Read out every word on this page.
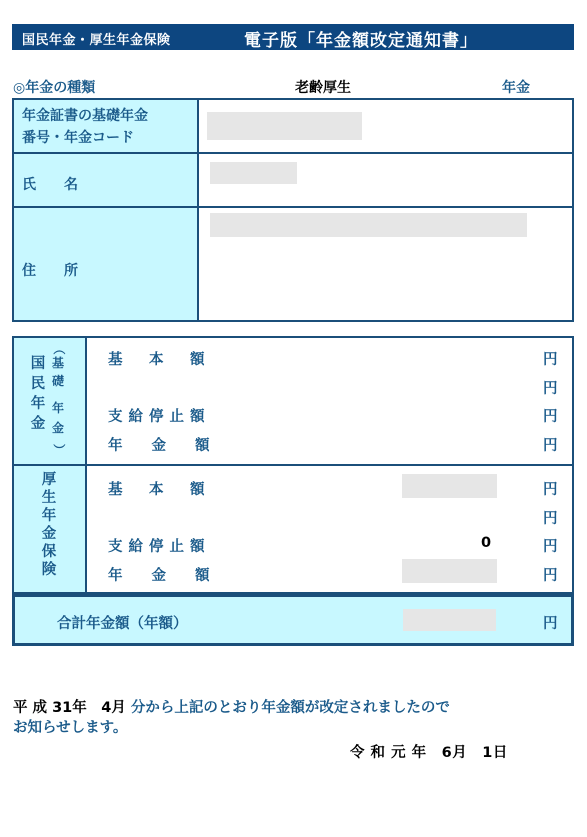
国民年金・厚生年金保険	電子版「年金額改定通知書」
◎年金の種類	老齢厚生	年金
年金証書の基礎年金
番号・年金コード
氏　　名
住　　所
国
民
年
金
（
基
礎
年
金
）
基　本　額	円
円
支給停止額	円
年　　金　　額	円
厚
生
年
金
保
険
基　本　額	円
円
支給停止額	0	円
年　　金　　額	円
合計年金額（年額）	円
平 成 31年　4月 分から上記のとおり年金額が改定されましたので
お知らせします。
令 和 元 年　6月　1日
